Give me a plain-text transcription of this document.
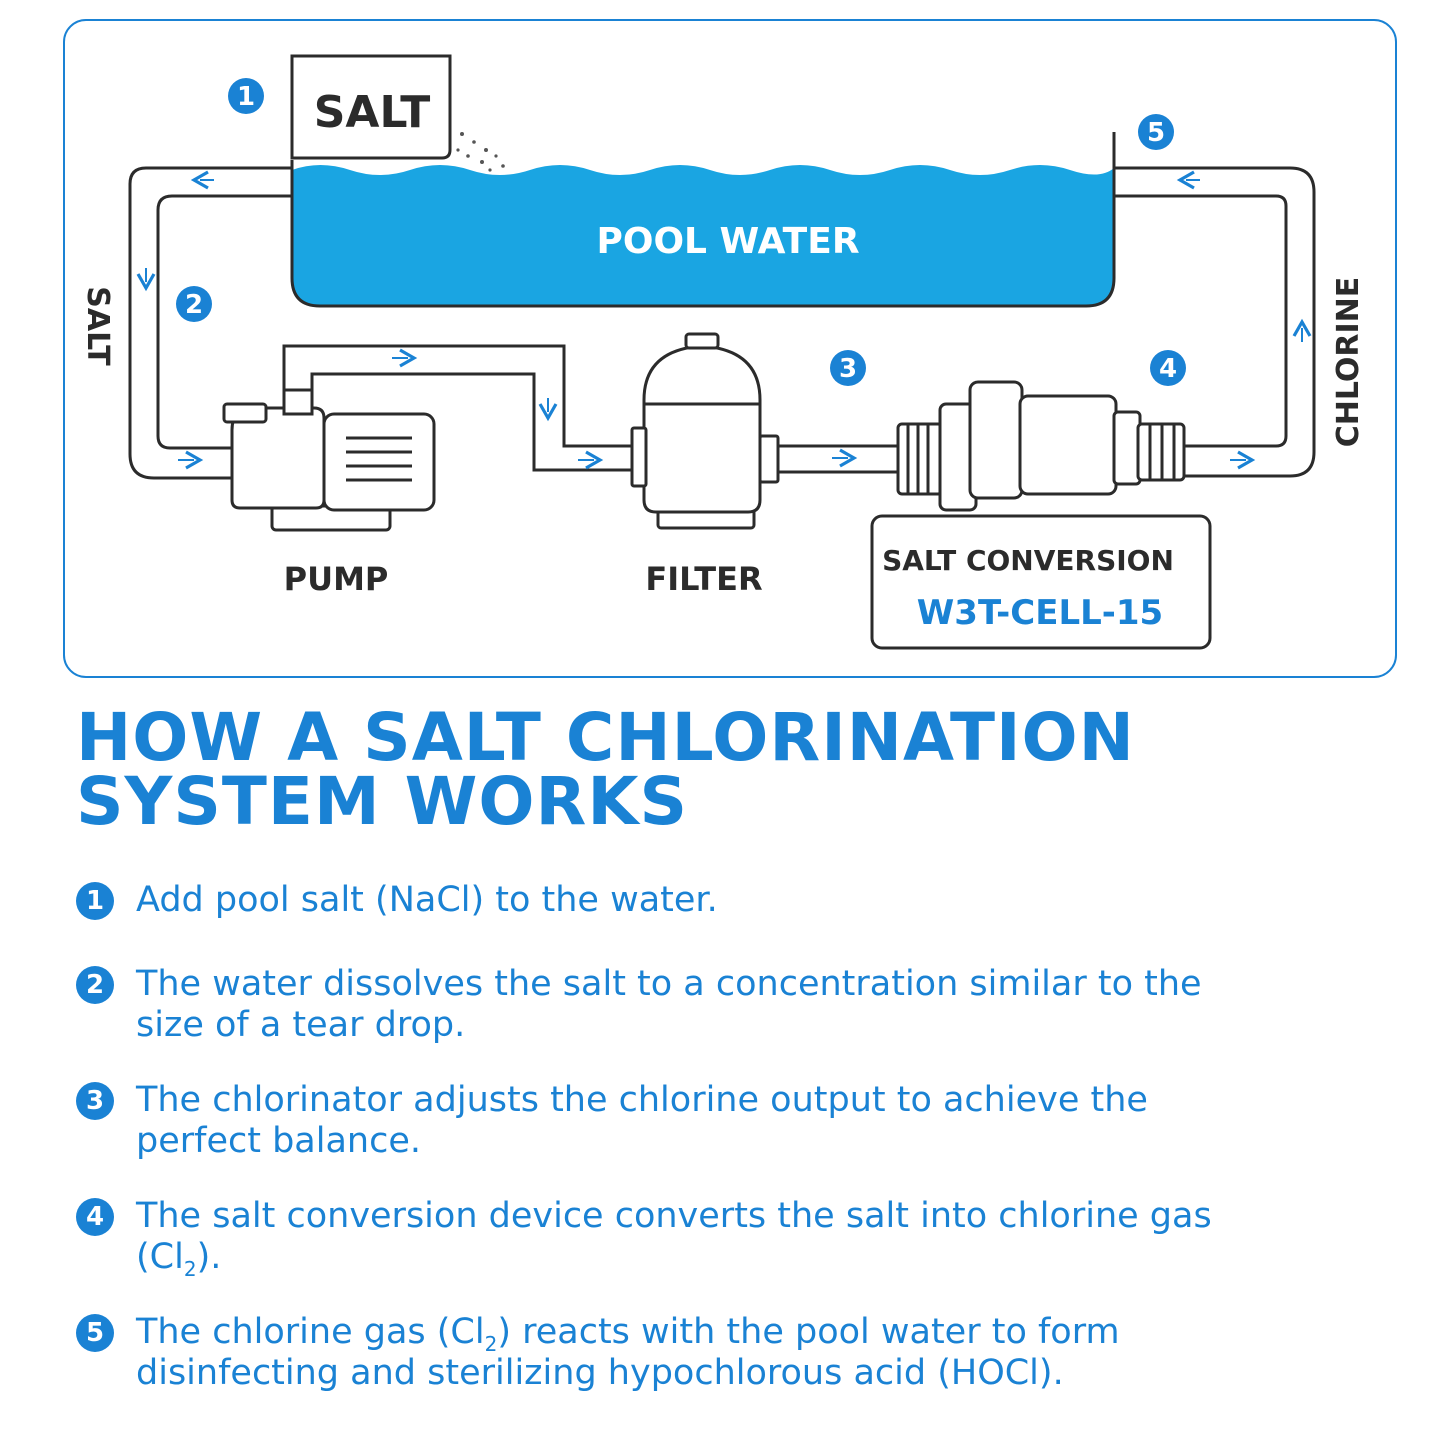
POOL WATER
SALT
SALT	CHLORINE
PUMP	FILTER	SALT CONVERSION
W3T-CELL-15
1
2
3	4
5
HOW A SALT CHLORINATION
SYSTEM WORKS
1 Add pool salt (NaCl) to the water.
2 The water dissolves the salt to a concentration similar to the size of a tear drop.
3 The chlorinator adjusts the chlorine output to achieve the perfect balance.
4 The salt conversion device converts the salt into chlorine gas $(Cl_2)$.
5 The chlorine gas $(Cl_2)$ reacts with the pool water to form disinfecting and sterilizing hypochlorous acid (HOCl).
